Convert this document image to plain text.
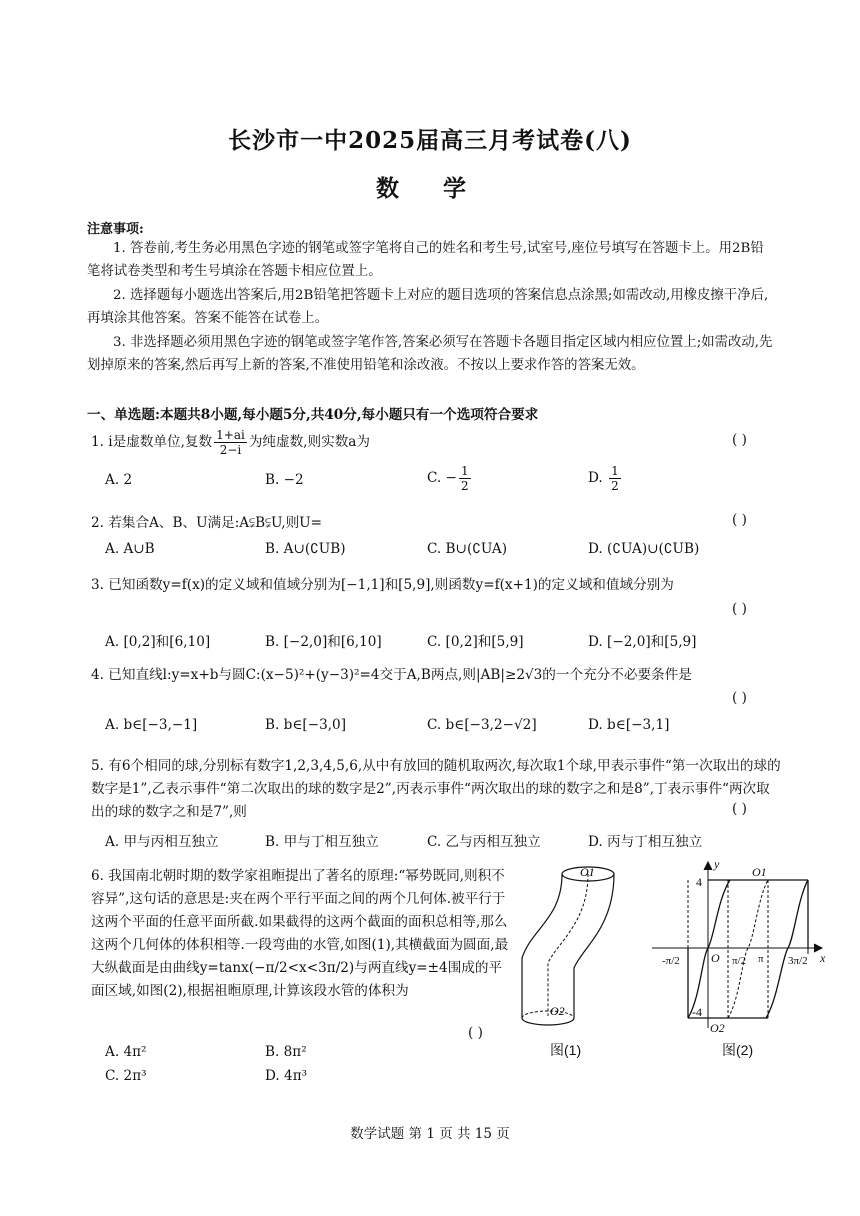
长沙市一中2025届高三月考试卷(八)
数 学
注意事项:
1. 答卷前,考生务必用黑色字迹的钢笔或签字笔将自己的姓名和考生号,试室号,座位号填写在答题卡上。用2B铅笔将试卷类型和考生号填涂在答题卡相应位置上。
2. 选择题每小题选出答案后,用2B铅笔把答题卡上对应的题目选项的答案信息点涂黑;如需改动,用橡皮擦干净后,再填涂其他答案。答案不能答在试卷上。
3. 非选择题必须用黑色字迹的钢笔或签字笔作答,答案必须写在答题卡各题目指定区域内相应位置上;如需改动,先划掉原来的答案,然后再写上新的答案,不准使用铅笔和涂改液。不按以上要求作答的答案无效。
一、单选题:本题共8小题,每小题5分,共40分,每小题只有一个选项符合要求
1. i是虚数单位,复数 $\frac{1+ai}{2-i}$ 为纯虚数,则实数a为	( )
A. 2	B. −2	C. − $\frac{1}{2}$	D. $\frac{1}{2}$
2. 若集合A、B、U满足:A⫋B⫋U,则U=	( )
A. A∪B	B. A∪(∁UB)	C. B∪(∁UA)	D. (∁UA)∪(∁UB)
3. 已知函数y=f(x)的定义域和值域分别为[−1,1]和[5,9],则函数y=f(x+1)的定义域和值域分别为
( )
A. [0,2]和[6,10]	B. [−2,0]和[6,10]	C. [0,2]和[5,9]	D. [−2,0]和[5,9]
4. 已知直线l:y=x+b与圆C:(x−5)²+(y−3)²=4交于A,B两点,则|AB|≥2√3的一个充分不必要条件是
( )
A. b∈[−3,−1]	B. b∈[−3,0]	C. b∈[−3,2−√2]	D. b∈[−3,1]
5. 有6个相同的球,分别标有数字1,2,3,4,5,6,从中有放回的随机取两次,每次取1个球,甲表示事件“第一次取出的球的数字是1”,乙表示事件“第二次取出的球的数字是2”,丙表示事件“两次取出的球的数字之和是8”,丁表示事件“两次取出的球的数字之和是7”,则	( )
A. 甲与丙相互独立	B. 甲与丁相互独立	C. 乙与丙相互独立	D. 丙与丁相互独立
6. 我国南北朝时期的数学家祖暅提出了著名的原理:“幂势既同,则积不容异”,这句话的意思是:夹在两个平行平面之间的两个几何体.被平行于这两个平面的任意平面所截.如果截得的这两个截面的面积总相等,那么这两个几何体的体积相等.一段弯曲的水管,如图(1),其横截面为圆面,最大纵截面是由曲线y=tanx(−π/2<x<3π/2)与两直线y=±4围成的平面区域,如图(2),根据祖暅原理,计算该段水管的体积为
( )
A. 4π²	B. 8π²
C. 2π³	D. 4π³
O1
O2
图(1)
y
x
4
-4
O
O1
O2
-π/2	π/2 π 3π/2
图(2)
数学试题 第 1 页 共 15 页
